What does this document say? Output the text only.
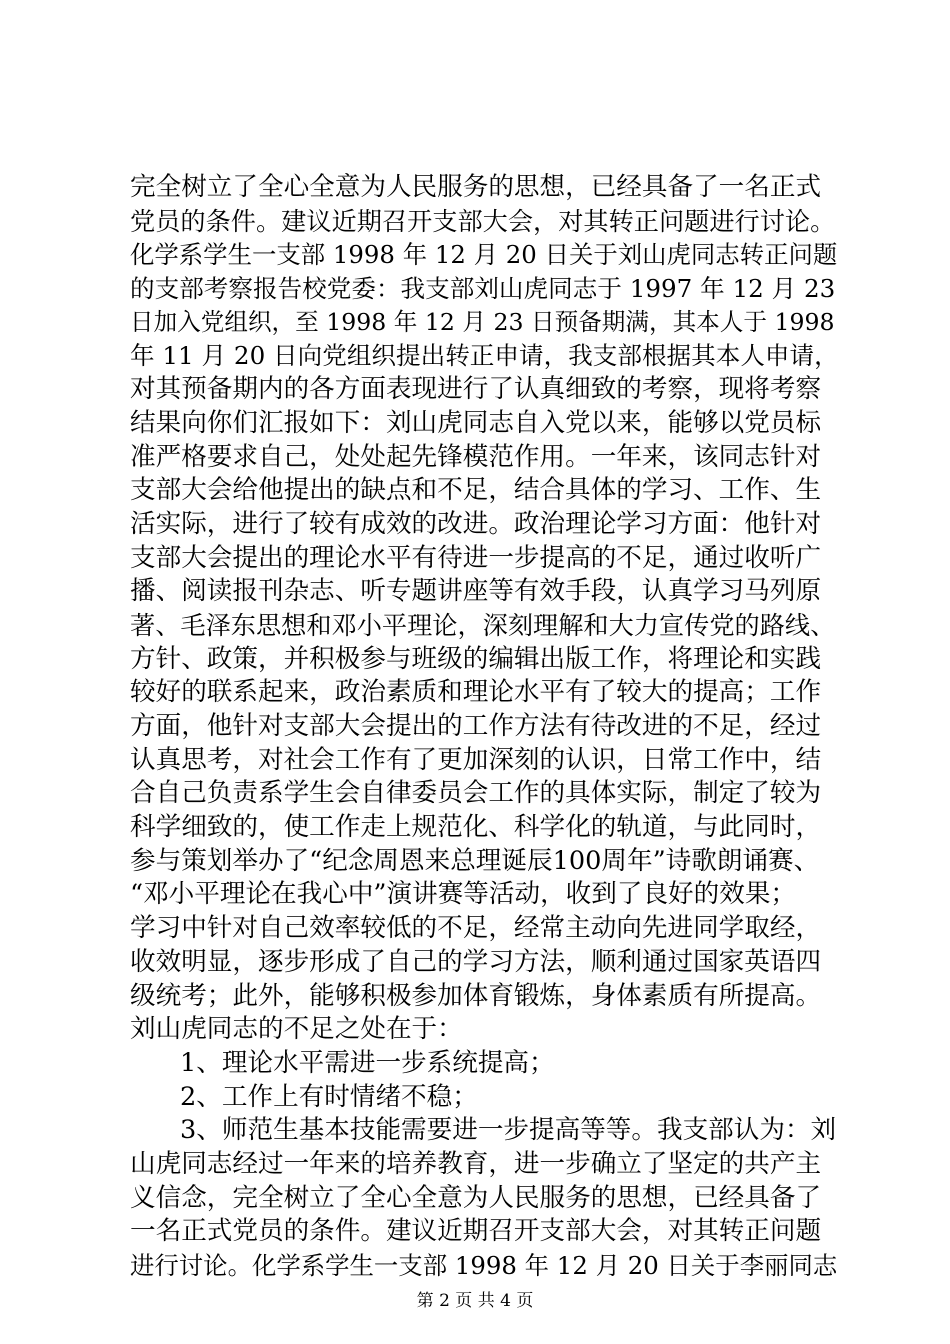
完全树立了全心全意为人民服务的思想，已经具备了一名正式
党员的条件。建议近期召开支部大会，对其转正问题进行讨论。
化学系学生一支部 1998 年 12 月 20 日关于刘山虎同志转正问题
的支部考察报告校党委：我支部刘山虎同志于 1997 年 12 月 23
日加入党组织，至 1998 年 12 月 23 日预备期满，其本人于 1998
年 11 月 20 日向党组织提出转正申请，我支部根据其本人申请，
对其预备期内的各方面表现进行了认真细致的考察，现将考察
结果向你们汇报如下：刘山虎同志自入党以来，能够以党员标
准严格要求自己，处处起先锋模范作用。一年来，该同志针对
支部大会给他提出的缺点和不足，结合具体的学习、工作、生
活实际，进行了较有成效的改进。政治理论学习方面：他针对
支部大会提出的理论水平有待进一步提高的不足，通过收听广
播、阅读报刊杂志、听专题讲座等有效手段，认真学习马列原
著、毛泽东思想和邓小平理论，深刻理解和大力宣传党的路线、
方针、政策，并积极参与班级的编辑出版工作，将理论和实践
较好的联系起来，政治素质和理论水平有了较大的提高；工作
方面，他针对支部大会提出的工作方法有待改进的不足，经过
认真思考，对社会工作有了更加深刻的认识，日常工作中，结
合自己负责系学生会自律委员会工作的具体实际，制定了较为
科学细致的，使工作走上规范化、科学化的轨道，与此同时，
参与策划举办了“纪念周恩来总理诞辰100周年”诗歌朗诵赛、
“邓小平理论在我心中”演讲赛等活动，收到了良好的效果；
学习中针对自己效率较低的不足，经常主动向先进同学取经，
收效明显，逐步形成了自己的学习方法，顺利通过国家英语四
级统考；此外，能够积极参加体育锻炼，身体素质有所提高。
刘山虎同志的不足之处在于：
1、理论水平需进一步系统提高；
2、工作上有时情绪不稳；
3、师范生基本技能需要进一步提高等等。我支部认为：刘
山虎同志经过一年来的培养教育，进一步确立了坚定的共产主
义信念，完全树立了全心全意为人民服务的思想，已经具备了
一名正式党员的条件。建议近期召开支部大会，对其转正问题
进行讨论。化学系学生一支部 1998 年 12 月 20 日关于李丽同志
第 2 页 共 4 页
